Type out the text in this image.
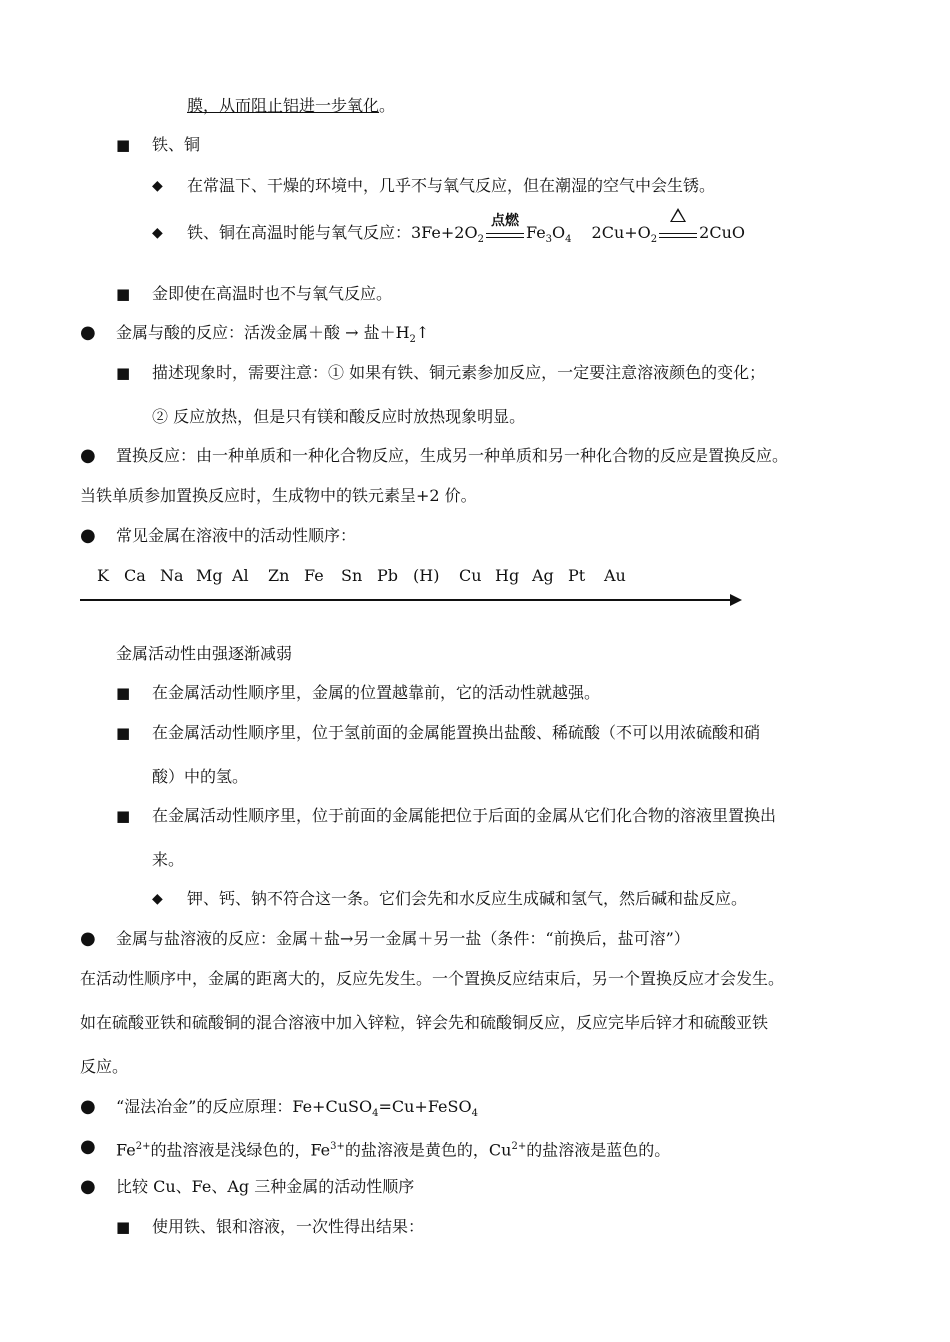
膜，从而阻止铝进一步氧化。
■ 铁、铜
◆ 在常温下、干燥的环境中，几乎不与氧气反应，但在潮湿的空气中会生锈。
◆ 铁、铜在高温时能与氧气反应：$3Fe+2O_2$
点燃
$Fe_3O_4$ $2Cu+O_2$	2CuO
■ 金即使在高温时也不与氧气反应。
● 金属与酸的反应：活泼金属＋酸 → 盐$+H_2↑$
■ 描述现象时，需要注意：① 如果有铁、铜元素参加反应，一定要注意溶液颜色的变化；
② 反应放热，但是只有镁和酸反应时放热现象明显。
● 置换反应：由一种单质和一种化合物反应，生成另一种单质和另一种化合物的反应是置换反应。
当铁单质参加置换反应时，生成物中的铁元素呈+2 价。
● 常见金属在溶液中的活动性顺序：
K Ca Na Mg Al Zn Fe Sn Pb (H) Cu Hg Ag Pt Au
金属活动性由强逐渐减弱
■ 在金属活动性顺序里，金属的位置越靠前，它的活动性就越强。
■ 在金属活动性顺序里，位于氢前面的金属能置换出盐酸、稀硫酸（不可以用浓硫酸和硝
酸）中的氢。
■ 在金属活动性顺序里，位于前面的金属能把位于后面的金属从它们化合物的溶液里置换出
来。
◆ 钾、钙、钠不符合这一条。它们会先和水反应生成碱和氢气，然后碱和盐反应。
● 金属与盐溶液的反应：金属＋盐→另一金属＋另一盐（条件：“前换后，盐可溶”）
在活动性顺序中，金属的距离大的，反应先发生。一个置换反应结束后，另一个置换反应才会发生。
如在硫酸亚铁和硫酸铜的混合溶液中加入锌粒，锌会先和硫酸铜反应，反应完毕后锌才和硫酸亚铁
反应。
● “湿法冶金”的反应原理：Fe+CuSO$_4$=Cu+FeSO$_4$
● $Fe^{2+}$的盐溶液是浅绿色的，$Fe^{3+}$的盐溶液是黄色的，$Cu^{2+}$的盐溶液是蓝色的。
● 比较 Cu、Fe、Ag 三种金属的活动性顺序
■ 使用铁、银和溶液，一次性得出结果：
